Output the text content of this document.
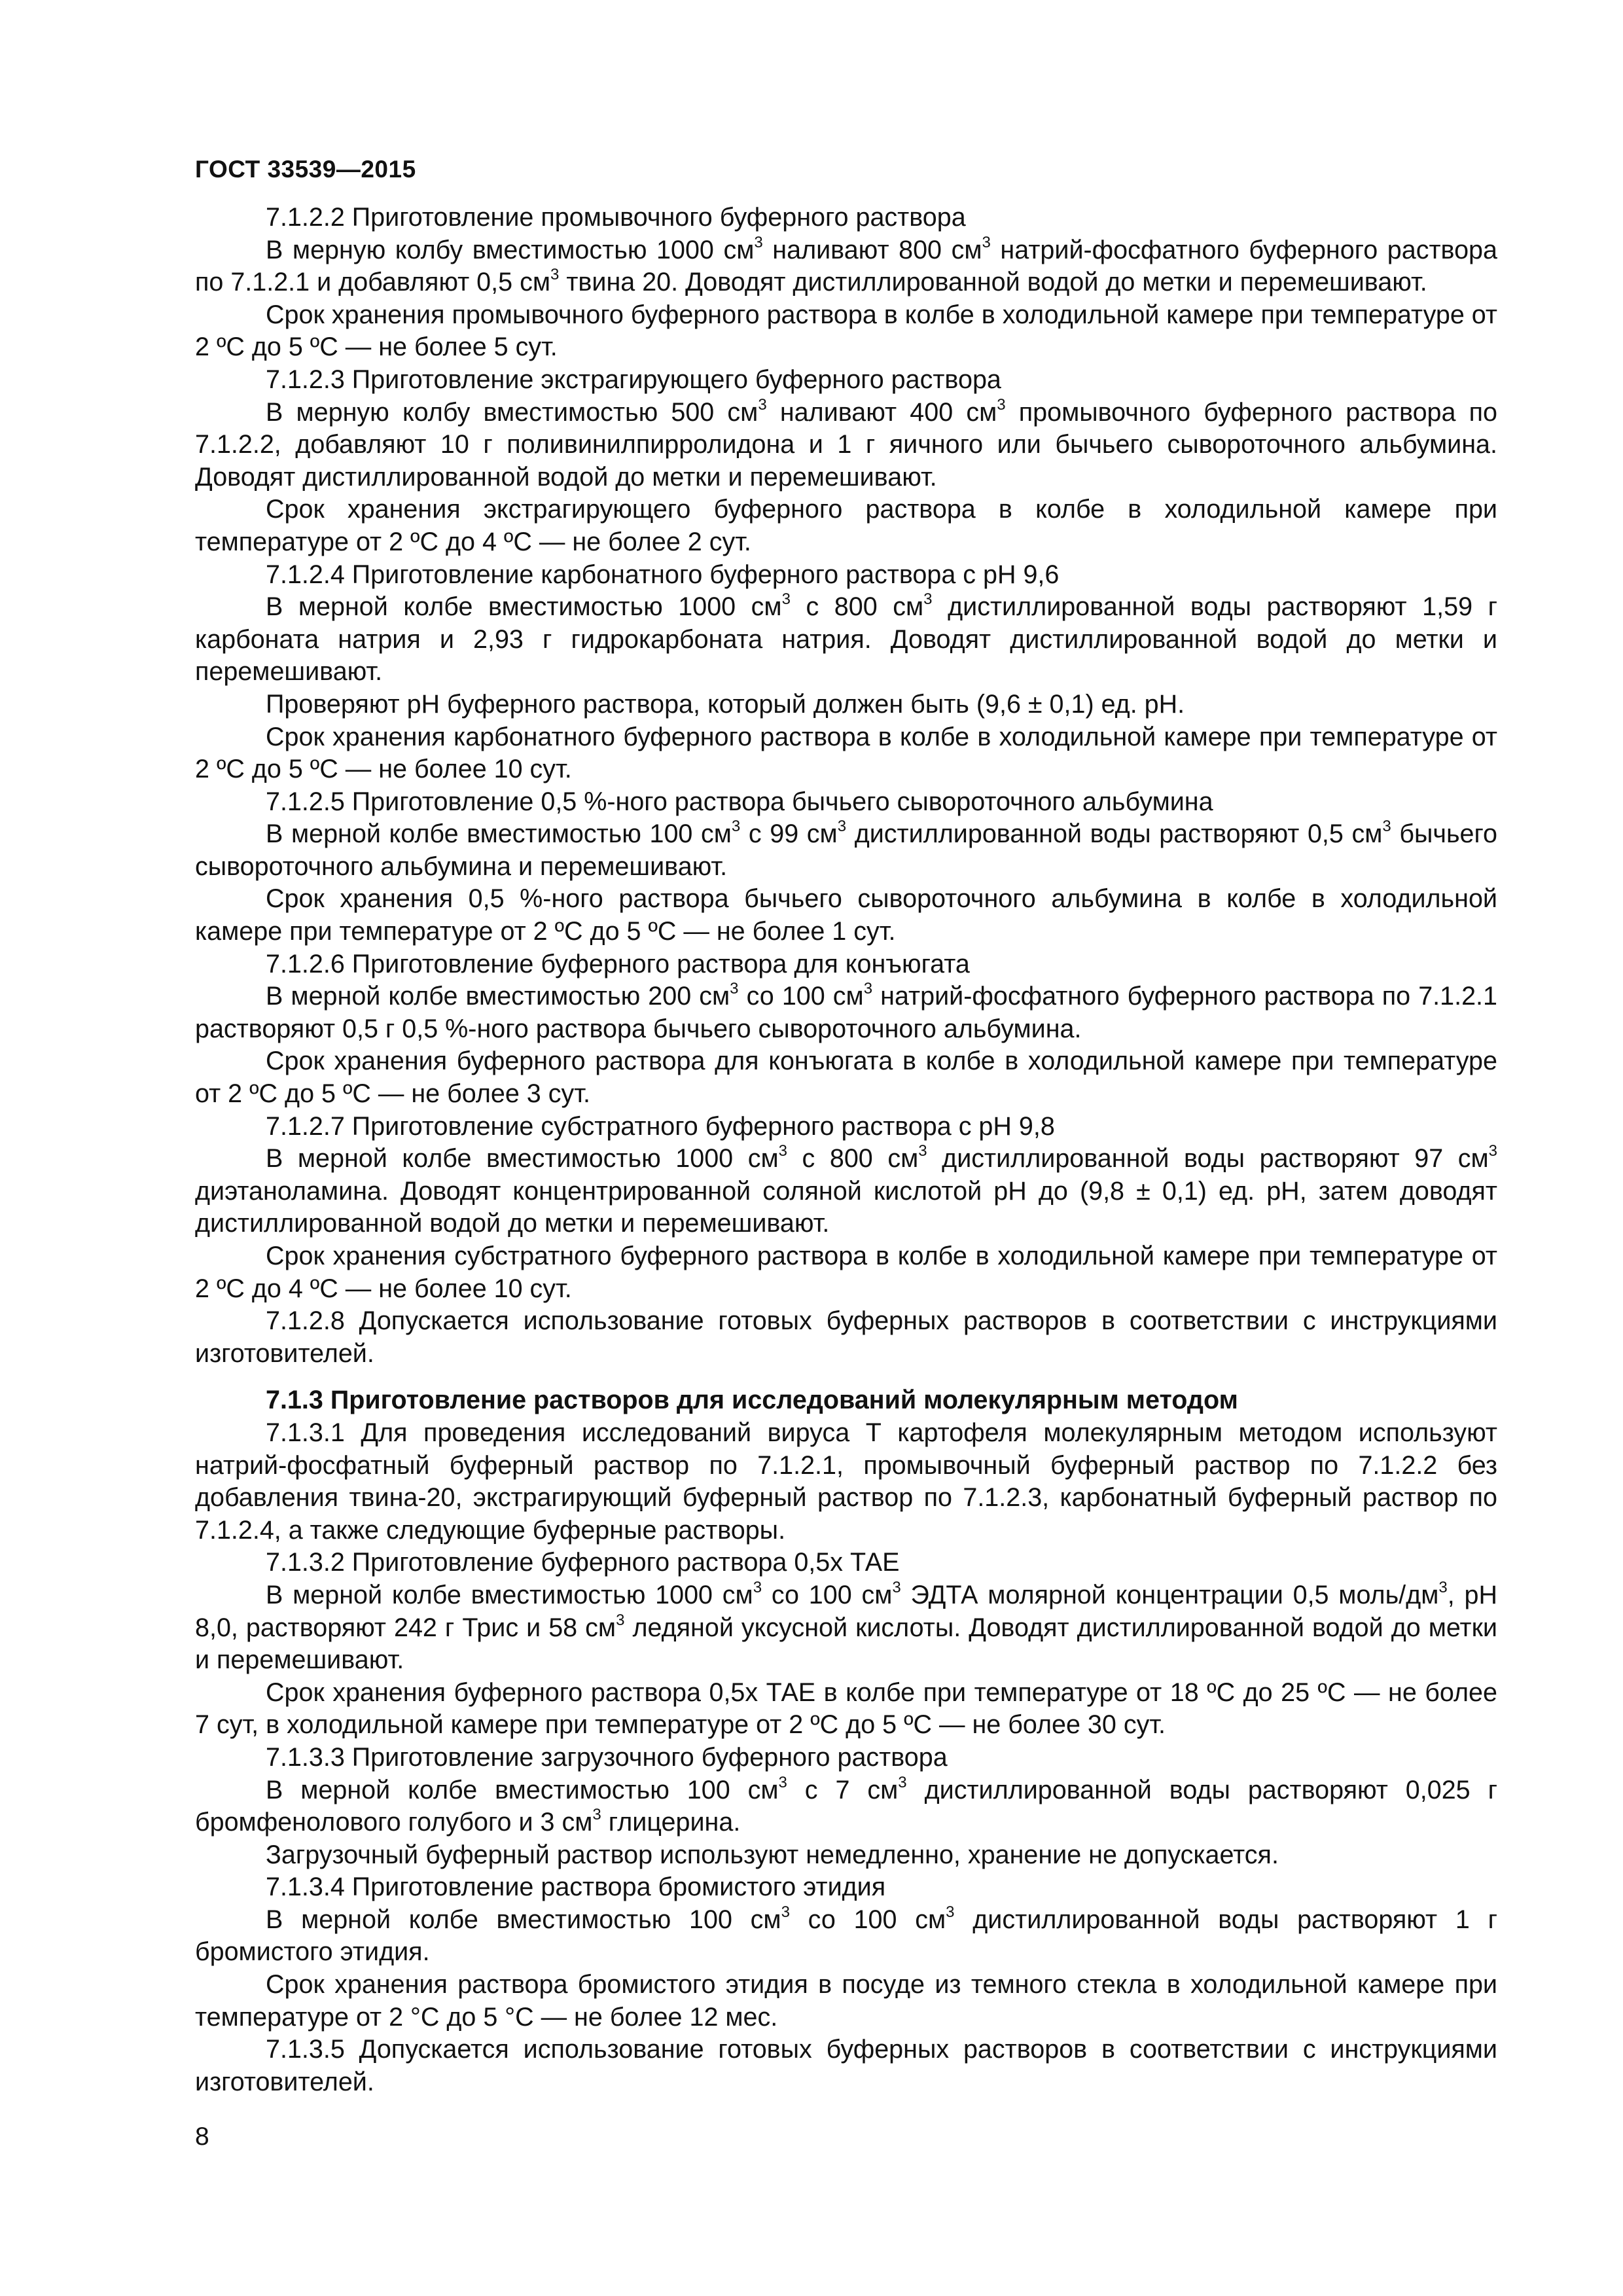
ГОСТ 33539—2015

7.1.2.2 Приготовление промывочного буферного раствора

В мерную колбу вместимостью 1000 $см^3$ наливают 800 $см^3$ натрий-фосфатного буферного раствора по 7.1.2.1 и добавляют 0,5 $см^3$ твина 20. Доводят дистиллированной водой до метки и перемешивают.

Срок хранения промывочного буферного раствора в колбе в холодильной камере при температуре от 2 ºС до 5 ºС — не более 5 сут.

7.1.2.3 Приготовление экстрагирующего буферного раствора

В мерную колбу вместимостью 500 $см^3$ наливают 400 $см^3$ промывочного буферного раствора по 7.1.2.2, добавляют 10 г поливинилпирролидона и 1 г яичного или бычьего сывороточного альбумина. Доводят дистиллированной водой до метки и перемешивают.

Срок хранения экстрагирующего буферного раствора в колбе в холодильной камере при температуре от 2 ºС до 4 ºС — не более 2 сут.

7.1.2.4 Приготовление карбонатного буферного раствора с рН 9,6

В мерной колбе вместимостью 1000 $см^3$ с 800 $см^3$ дистиллированной воды растворяют 1,59 г карбоната натрия и 2,93 г гидрокарбоната натрия. Доводят дистиллированной водой до метки и перемешивают.

Проверяют рН буферного раствора, который должен быть (9,6 ± 0,1) ед. рН.

Срок хранения карбонатного буферного раствора в колбе в холодильной камере при температуре от 2 ºС до 5 ºС — не более 10 сут.

7.1.2.5 Приготовление 0,5 %-ного раствора бычьего сывороточного альбумина

В мерной колбе вместимостью 100 $см^3$ с 99 $см^3$ дистиллированной воды растворяют 0,5 $см^3$ бычьего сывороточного альбумина и перемешивают.

Срок хранения 0,5 %-ного раствора бычьего сывороточного альбумина в колбе в холодильной камере при температуре от 2 ºС до 5 ºС — не более 1 сут.

7.1.2.6 Приготовление буферного раствора для конъюгата

В мерной колбе вместимостью 200 $см^3$ со 100 $см^3$ натрий-фосфатного буферного раствора по 7.1.2.1 растворяют 0,5 г 0,5 %-ного раствора бычьего сывороточного альбумина.

Срок хранения буферного раствора для конъюгата в колбе в холодильной камере при температуре от 2 ºС до 5 ºС — не более 3 сут.

7.1.2.7 Приготовление субстратного буферного раствора с рН 9,8

В мерной колбе вместимостью 1000 $см^3$ с 800 $см^3$ дистиллированной воды растворяют 97 $см^3$ диэтаноламина. Доводят концентрированной соляной кислотой рН до (9,8 ± 0,1) ед. рН, затем доводят дистиллированной водой до метки и перемешивают.

Срок хранения субстратного буферного раствора в колбе в холодильной камере при температуре от 2 ºС до 4 ºС — не более 10 сут.

7.1.2.8 Допускается использование готовых буферных растворов в соответствии с инструкциями изготовителей.

7.1.3 Приготовление растворов для исследований молекулярным методом

7.1.3.1 Для проведения исследований вируса Т картофеля молекулярным методом используют натрий-фосфатный буферный раствор по 7.1.2.1, промывочный буферный раствор по 7.1.2.2 без добавления твина-20, экстрагирующий буферный раствор по 7.1.2.3, карбонатный буферный раствор по 7.1.2.4, а также следующие буферные растворы.

7.1.3.2 Приготовление буферного раствора 0,5х ТАЕ

В мерной колбе вместимостью 1000 $см^3$ со 100 $см^3$ ЭДТА молярной концентрации 0,5 моль/$дм^3$, рН 8,0, растворяют 242 г Трис и 58 $см^3$ ледяной уксусной кислоты. Доводят дистиллированной водой до метки и перемешивают.

Срок хранения буферного раствора 0,5х ТАЕ в колбе при температуре от 18 ºС до 25 ºС — не более 7 сут, в холодильной камере при температуре от 2 ºС до 5 ºС — не более 30 сут.

7.1.3.3 Приготовление загрузочного буферного раствора

В мерной колбе вместимостью 100 $см^3$ с 7 $см^3$ дистиллированной воды растворяют 0,025 г бромфенолового голубого и 3 $см^3$ глицерина.

Загрузочный буферный раствор используют немедленно, хранение не допускается.

7.1.3.4 Приготовление раствора бромистого этидия

В мерной колбе вместимостью 100 $см^3$ со 100 $см^3$ дистиллированной воды растворяют 1 г бромистого этидия.

Срок хранения раствора бромистого этидия в посуде из темного стекла в холодильной камере при температуре от 2 °С до 5 °С — не более 12 мес.

7.1.3.5 Допускается использование готовых буферных растворов в соответствии с инструкциями изготовителей.

8
